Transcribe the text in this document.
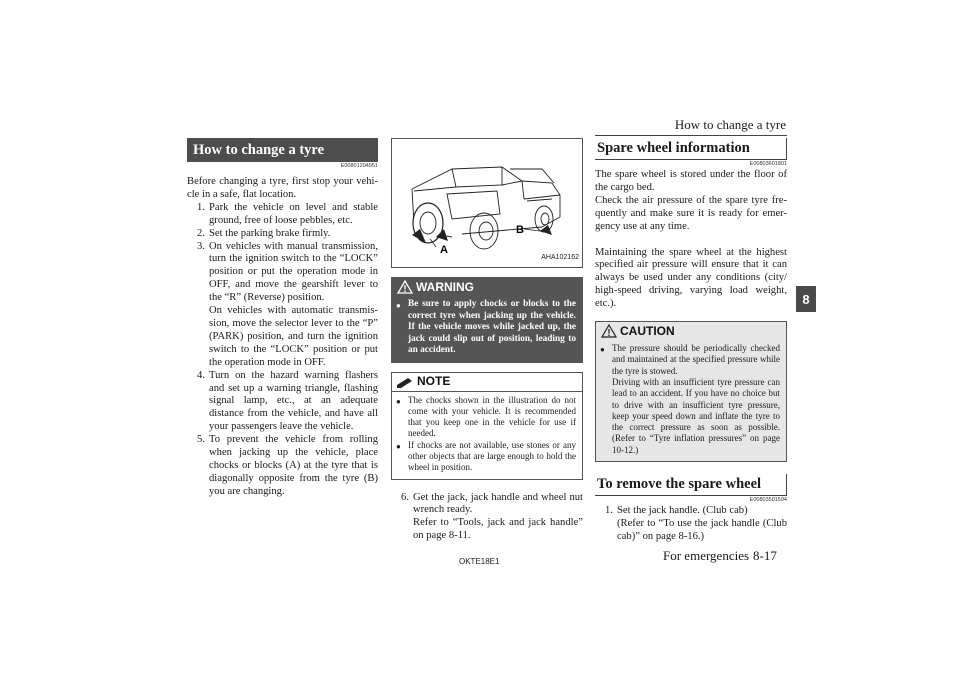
How to change a tyre
8
How to change a tyre
E00801204951

Before changing a tyre, first stop your vehi-cle in a safe, flat location.

1. Park the vehicle on level and stable ground, free of loose pebbles, etc.
2. Set the parking brake firmly.
3. On vehicles with manual transmission, turn the ignition switch to the “LOCK” position or put the operation mode in OFF, and move the gearshift lever to the “R” (Reverse) position.
On vehicles with automatic transmis-sion, move the selector lever to the “P” (PARK) position, and turn the ignition switch to the “LOCK” position or put the operation mode in OFF.
4. Turn on the hazard warning flashers and set up a warning triangle, flashing signal lamp, etc., at an adequate distance from the vehicle, and have all your passengers leave the vehicle.
5. To prevent the vehicle from rolling when jacking up the vehicle, place chocks or blocks (A) at the tyre that is diagonally opposite from the tyre (B) you are changing.
A
B
AHA102162
WARNING
● Be sure to apply chocks or blocks to the correct tyre when jacking up the vehicle. If the vehicle moves while jacked up, the jack could slip out of position, leading to an accident.
NOTE
● The chocks shown in the illustration do not come with your vehicle. It is recommended that you keep one in the vehicle for use if needed.
● If chocks are not available, use stones or any other objects that are large enough to hold the wheel in position.
6. Get the jack, jack handle and wheel nut wrench ready.
Refer to “Tools, jack and jack handle” on page 8-11.
Spare wheel information
E00803601801

The spare wheel is stored under the floor of the cargo bed.

Check the air pressure of the spare tyre fre-quently and make sure it is ready for emer-gency use at any time.

Maintaining the spare wheel at the highest specified air pressure will ensure that it can always be used under any conditions (city/ high-speed driving, varying load weight, etc.).

CAUTION
● The pressure should be periodically checked and maintained at the specified pressure while the tyre is stowed.
Driving with an insufficient tyre pressure can lead to an accident. If you have no choice but to drive with an insufficient tyre pressure, keep your speed down and inflate the tyre to the correct pressure as soon as possible. (Refer to “Tyre inflation pressures” on page 10-12.)
To remove the spare wheel
E00803501594
1. Set the jack handle. (Club cab)
(Refer to “To use the jack handle (Club cab)” on page 8-16.)
OKTE18E1	For emergencies 8-17
